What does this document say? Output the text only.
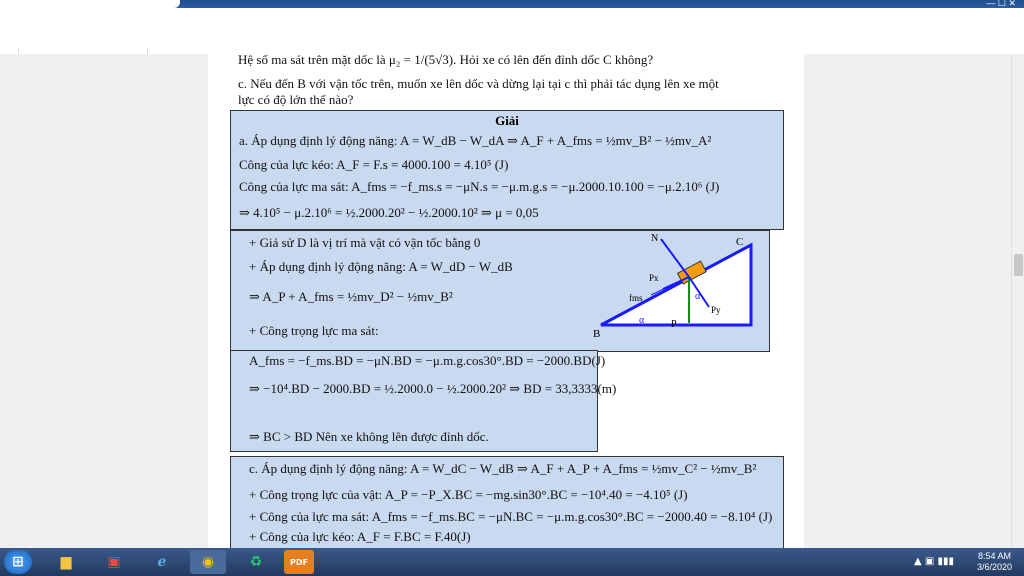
— ☐ ✕
Hệ số ma sát trên mặt dốc là μ₂ = 1/(5√3). Hỏi xe có lên đến đỉnh dốc C không?
c. Nếu đến B với vận tốc trên, muốn xe lên dốc và dừng lại tại c thì phải tác dụng lên xe một
lực có độ lớn thế nào?
Giải
a. Áp dụng định lý động năng: A = W_dB − W_dA ⇒ A_F + A_fms = ½mv_B² − ½mv_A²
Công của lực kéo: A_F = F.s = 4000.100 = 4.10⁵ (J)
Công của lực ma sát: A_fms = −f_ms.s = −μN.s = −μ.m.g.s = −μ.2000.10.100 = −μ.2.10⁶ (J)
⇒ 4.10⁵ − μ.2.10⁶ = ½.2000.20² − ½.2000.10² ⇒ μ = 0,05
+ Giả sử D là vị trí mà vật có vận tốc bằng 0
+ Áp dụng định lý động năng: A = W_dD − W_dB
⇒ A_P + A_fms = ½mv_D² − ½mv_B²
+ Công trọng lực ma sát:
C
B
α
N
P
Px
fms
Py
α
A_fms = −f_ms.BD = −μN.BD = −μ.m.g.cos30°.BD = −2000.BD(J)
⇒ −10⁴.BD − 2000.BD = ½.2000.0 − ½.2000.20² ⇒ BD = 33,3333(m)
⇒ BC > BD Nên xe không lên được đỉnh dốc.
c. Áp dụng định lý động năng: A = W_dC − W_dB ⇒ A_F + A_P + A_fms = ½mv_C² − ½mv_B²
+ Công trọng lực của vật: A_P = −P_X.BC = −mg.sin30°.BC = −10⁴.40 = −4.10⁵ (J)
+ Công của lực ma sát: A_fms = −f_ms.BC = −μN.BC = −μ.m.g.cos30°.BC = −2000.40 = −8.10⁴ (J)
+ Công của lực kéo: A_F = F.BC = F.40(J)
⊞	▆	▣	ℯ	◉	♻	PDF	▲ ▣ ▮▮▮	8:54 AM
3/6/2020
